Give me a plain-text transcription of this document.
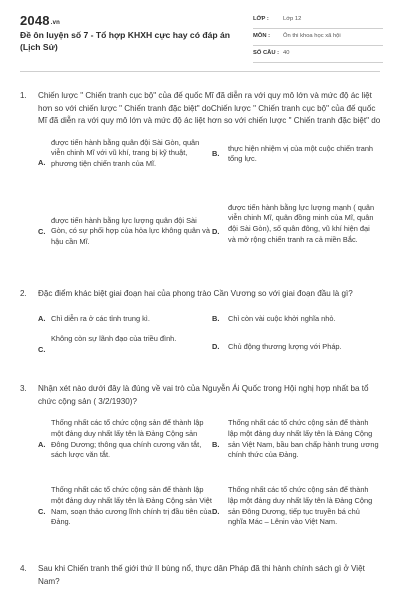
2048.vn
Đề ôn luyện số 7 - Tổ hợp KHXH cực hay có đáp án (Lịch Sử)
LỚP : Lớp 12
MÔN : Ôn thi khoa học xã hội
SỐ CÂU : 40
1. Chiến lược " Chiến tranh cục bộ" của đế quốc Mĩ đã diễn ra với quy mô lớn và mức độ ác liệt hơn so với chiến lược " Chiến tranh đặc biệt" doChiến lược " Chiến tranh cục bộ" của đế quốc Mĩ đã diễn ra với quy mô lớn và mức độ ác liệt hơn so với chiến lược " Chiến tranh đặc biệt" do
A.
được tiến hành bằng quân đội Sài Gòn, quân viễn chinh Mĩ với vũ khí, trang bị kỹ thuật, phương tiện chiến tranh của Mĩ.
B.
thực hiện nhiệm vị của một cuộc chiến tranh tổng lực.
C.
được tiến hành bằng lực lượng quân đội Sài Gòn, có sự phối hợp của hỏa lực không quân và hậu cần Mĩ.
D.
được tiến hành bằng lực lượng mạnh ( quân viễn chinh Mĩ, quân đồng minh của Mĩ, quân đội Sài Gòn), số quân đông, vũ khí hiện đại và mở rộng chiến tranh ra cả miền Bắc.
2. Đặc điểm khác biệt giai đoạn hai của phong trào Cần Vương so với giai đoạn đầu là gì?
A. Chỉ diễn ra ở các tỉnh trung kì.	B. Chỉ còn vài cuộc khởi nghĩa nhỏ.
C.
Không còn sự lãnh đạo của triều đình.
D. Chủ động thương lượng với Pháp.
3. Nhận xét nào dưới đây là đúng về vai trò của Nguyễn Ái Quốc trong Hội nghị hợp nhất ba tổ chức cộng sản ( 3/2/1930)?
A.
Thống nhất các tổ chức cộng sản để thành lập một đảng duy nhất lấy tên là Đảng Cộng sản Đông Dương; thông qua chính cương văn tắt, sách lược văn tắt.
B.
Thống nhất các tổ chức cộng sản để thành lập một đảng duy nhất lấy tên là Đảng Cộng sản Việt Nam, bầu ban chấp hành trung ương chính thức của Đảng.
C.
Thống nhất các tổ chức cộng sản để thành lập một đảng duy nhất lấy tên là Đảng Cộng sản Việt Nam, soạn thảo cương lĩnh chính trị đầu tiên của Đảng.
D.
Thống nhất các tổ chức cộng sản để thành lập một đảng duy nhất lấy tên là Đảng Cộng sản Đông Dương, tiếp tục truyền bá chủ nghĩa Mác – Lênin vào Việt Nam.
4. Sau khi Chiến tranh thế giới thứ II bùng nổ, thực dân Pháp đã thi hành chính sách gì ở Việt Nam?
